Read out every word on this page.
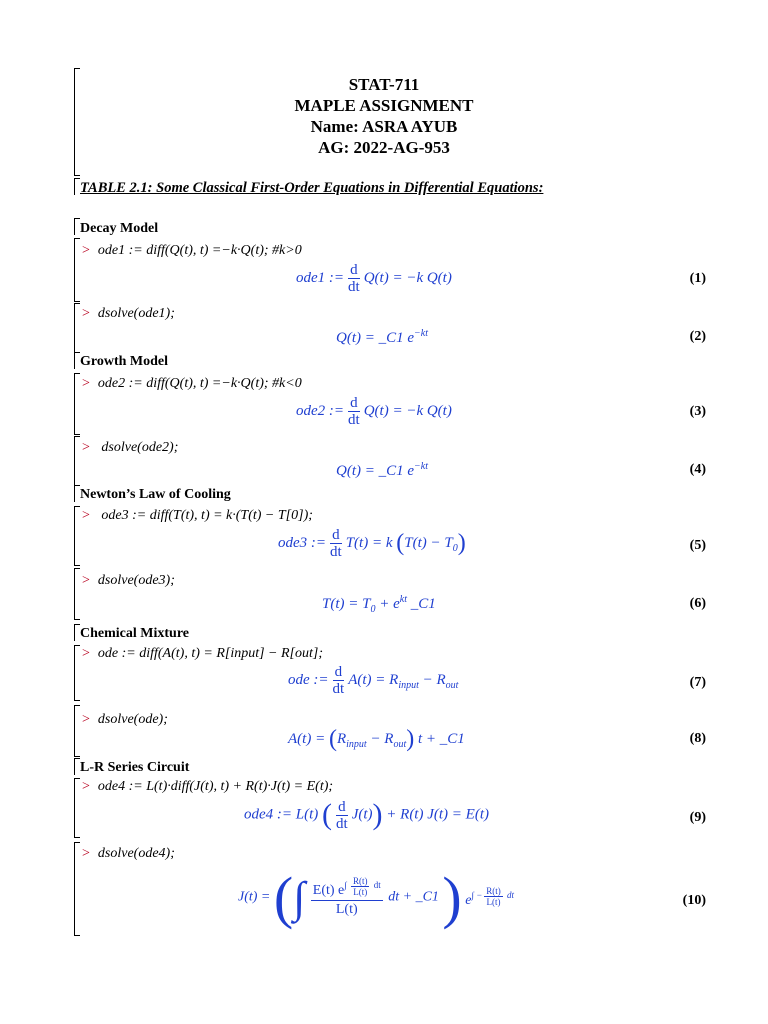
STAT-711
MAPLE ASSIGNMENT
Name: ASRA AYUB
AG: 2022-AG-953
TABLE 2.1: Some Classical First-Order Equations in Differential Equations:
Decay Model
> ode1 := diff(Q(t), t) =−k·Q(t); #k>0
ode1 := $\frac{d}{dt} Q(t) = -k$ Q(t)	(1)
> dsolve(ode1);
Q(t) = _C1 $e^{-kt}$	(2)
Growth Model
> ode2 := diff(Q(t), t) =−k·Q(t); #k<0
ode2 := $\frac{d}{dt} Q(t) = -k$ Q(t)	(3)
> dsolve(ode2);
Q(t) = _C1 $e^{-kt}$	(4)
Newton’s Law of Cooling
> ode3 := diff(T(t), t) = k·(T(t) − T[0]);
ode3 := $\frac{d}{dt} T(t) = k$ $(T(t) - T_0)$	(5)
> dsolve(ode3);
$T(t) = T_0 + e^{kt}$ _C1	(6)
Chemical Mixture
> ode := diff(A(t), t) = R[input] − R[out];
ode := $\frac{d}{dt} A(t) = R_{input} - R_{out}$	(7)
> dsolve(ode);
$A(t) = (R_{input} - R_{out}) t$ + _C1	(8)
L-R Series Circuit
> ode4 := L(t)·diff(J(t), t) + R(t)·J(t) = E(t);
ode4 := L(t) ( $\frac{d}{dt} J(t)) + R(t)$ J(t) = E(t)	(9)
> dsolve(ode4);
J(t) = (∫ E(t) $e^{\int \frac{R(t)}{L(t)} dt}$
L(t) dt + _C1 ) $e^{\int - \frac{R(t)}{L(t)} dt}$	(10)
